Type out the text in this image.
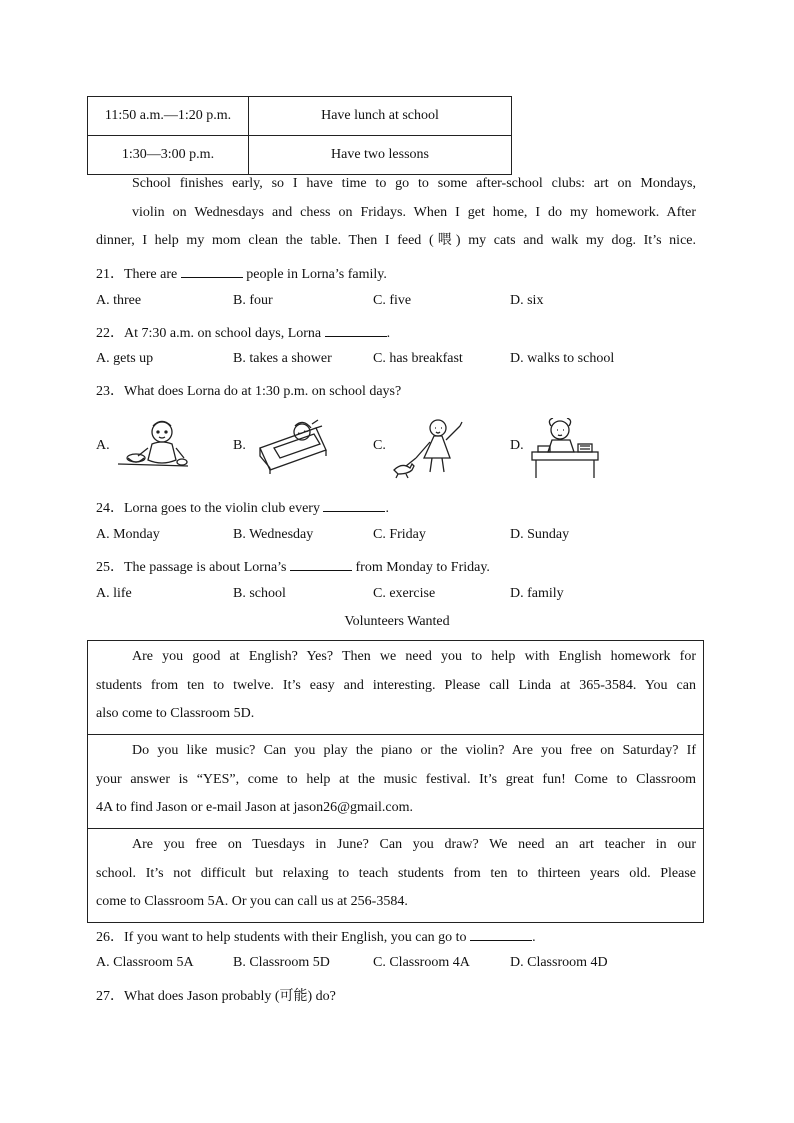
11:50 a.m.—1:20 p.m.	Have lunch at school
1:30—3:00 p.m.	Have two lessons
School finishes early, so I have time to go to some after-school clubs: art on Mondays,
violin on Wednesdays and chess on Fridays. When I get home, I do my homework. After
dinner, I help my mom clean the table. Then I feed (喂) my cats and walk my dog. It’s nice.
21．There are	people in Lorna’s family.
A. three	B. four	C. five	D. six
22．At 7:30 a.m. on school days, Lorna	.
A. gets up	B. takes a shower	C. has breakfast	D. walks to school
23．What does Lorna do at 1:30 p.m. on school days?
A.	B.	C.	D.
24．Lorna goes to the violin club every	.
A. Monday	B. Wednesday	C. Friday	D. Sunday
25．The passage is about Lorna’s	from Monday to Friday.
A. life	B. school	C. exercise	D. family
Volunteers Wanted
Are you good at English? Yes? Then we need you to help with English homework for
students from ten to twelve. It’s easy and interesting. Please call Linda at 365-3584. You can
also come to Classroom 5D.
Do you like music? Can you play the piano or the violin? Are you free on Saturday? If
your answer is “YES”, come to help at the music festival. It’s great fun! Come to Classroom
4A to find Jason or e-mail Jason at jason26@gmail.com.
Are you free on Tuesdays in June? Can you draw? We need an art teacher in our
school. It’s not difficult but relaxing to teach students from ten to thirteen years old. Please
come to Classroom 5A. Or you can call us at 256-3584.
26．If you want to help students with their English, you can go to	.
A. Classroom 5A	B. Classroom 5D	C. Classroom 4A	D. Classroom 4D
27．What does Jason probably (可能) do?
